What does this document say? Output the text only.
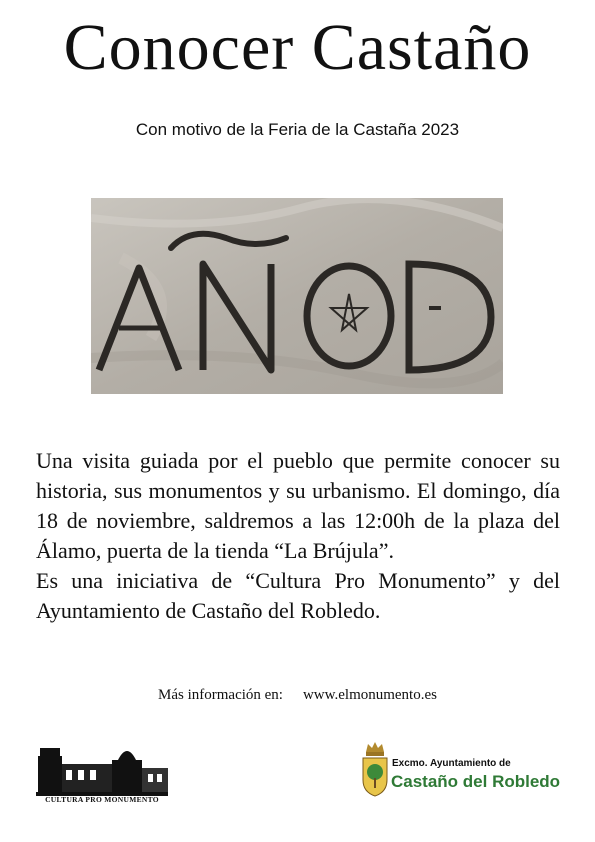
Conocer Castaño
Con motivo de la Feria de la Castaña 2023

Una visita guiada por el pueblo que permite conocer su historia, sus monumentos y su urbanismo. El domingo, día 18 de noviembre, saldremos a las 12:00h de la plaza del Álamo, puerta de la tienda “La Brújula”.

Es una iniciativa de “Cultura Pro Monumento” y del Ayuntamiento de Castaño del Robledo.

Más información en: www.elmonumento.es
CULTURA PRO MONUMENTO
Excmo. Ayuntamiento de
Castaño del Robledo
